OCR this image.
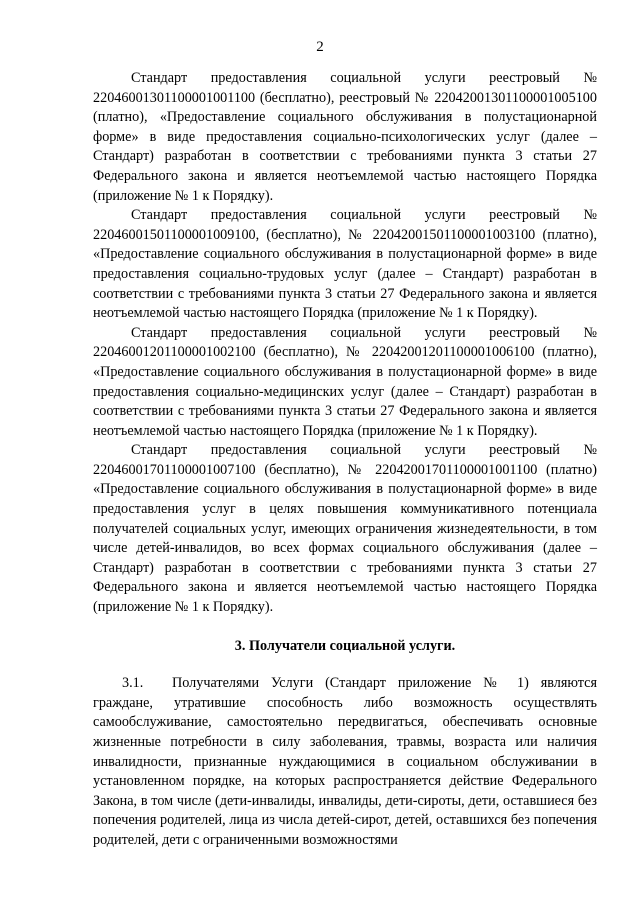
2

Стандарт предоставления социальной услуги реестровый № 2204600130110000100110​0 (бесплатно), реестровый № 22042001301100001005100 (платно), «Предоставление социального обслуживания в полустационарной форме» в виде предоставления социально-психологических услуг (далее – Стандарт) разработан в соответствии с требованиями пункта 3 статьи 27 Федерального закона и является неотъемлемой частью настоящего Порядка (приложение № 1 к Порядку).

Стандарт предоставления социальной услуги реестровый № 22046001501100001009100, (бесплатно), № 22042001501100001003100 (платно), «Предоставление социального обслуживания в полустационарной форме» в виде предоставления социально-трудовых услуг (далее – Стандарт) разработан в соответствии с требованиями пункта 3 статьи 27 Федерального закона и является неотъемлемой частью настоящего Порядка (приложение № 1 к Порядку).

Стандарт предоставления социальной услуги реестровый № 22046001201100001002100 (бесплатно), № 22042001201100001006100 (платно), «Предоставление социального обслуживания в полустационарной форме» в виде предоставления социально-медицинских услуг (далее – Стандарт) разработан в соответствии с требованиями пункта 3 статьи 27 Федерального закона и является неотъемлемой частью настоящего Порядка (приложение № 1 к Порядку).

Стандарт предоставления социальной услуги реестровый № 22046001701100001007100 (бесплатно), № 22042001701100001001100 (платно) «Предоставление социального обслуживания в полустационарной форме» в виде предоставления услуг в целях повышения коммуникативного потенциала получателей социальных услуг, имеющих ограничения жизнедеятельности, в том числе детей-инвалидов, во всех формах социального обслуживания (далее – Стандарт) разработан в соответствии с требованиями пункта 3 статьи 27 Федерального закона и является неотъемлемой частью настоящего Порядка (приложение № 1 к Порядку).

3. Получатели социальной услуги.

3.1. Получателями Услуги (Стандарт приложение № 1) являются граждане, утратившие способность либо возможность осуществлять самообслуживание, самостоятельно передвигаться, обеспечивать основные жизненные потребности в силу заболевания, травмы, возраста или наличия инвалидности, признанные нуждающимися в социальном обслуживании в установленном порядке, на которых распространяется действие Федерального Закона, в том числе (дети-инвалиды, инвалиды, дети-сироты, дети, оставшиеся без попечения родителей, лица из числа детей-сирот, детей, оставшихся без попечения родителей, дети с ограниченными возможностями
